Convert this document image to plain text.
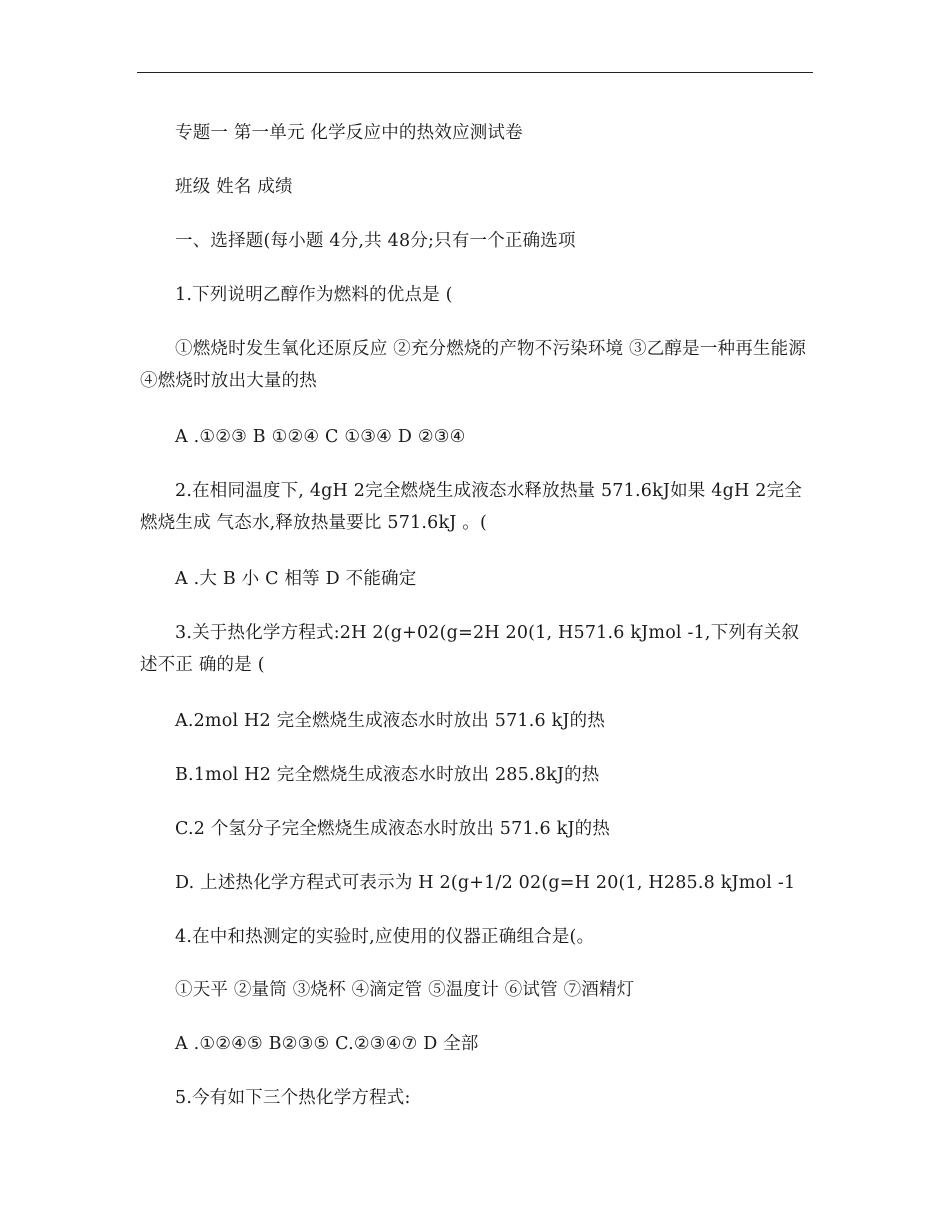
专题一 第一单元 化学反应中的热效应测试卷
班级 姓名 成绩
一、选择题(每小题 4分,共 48分;只有一个正确选项
1.下列说明乙醇作为燃料的优点是 (
①燃烧时发生氧化还原反应 ②充分燃烧的产物不污染环境 ③乙醇是一种再生能源 ④燃烧时放出大量的热
A .①②③ B ①②④ C ①③④ D ②③④
2.在相同温度下, 4gH 2完全燃烧生成液态水释放热量 571.6kJ如果 4gH 2完全燃烧生成 气态水,释放热量要比 571.6kJ 。(
A .大 B 小 C 相等 D 不能确定
3.关于热化学方程式:2H 2(g+02(g=2H 20(1, H571.6 kJmol -1,下列有关叙述不正 确的是 (
A.2mol H2 完全燃烧生成液态水时放出 571.6 kJ的热
B.1mol H2 完全燃烧生成液态水时放出 285.8kJ的热
C.2 个氢分子完全燃烧生成液态水时放出 571.6 kJ的热
D. 上述热化学方程式可表示为 H 2(g+1/2 02(g=H 20(1, H285.8 kJmol -1
4.在中和热测定的实验时,应使用的仪器正确组合是(。
①天平 ②量筒 ③烧杯 ④滴定管 ⑤温度计 ⑥试管 ⑦酒精灯
A .①②④⑤ B②③⑤ C.②③④⑦ D 全部
5.今有如下三个热化学方程式:
